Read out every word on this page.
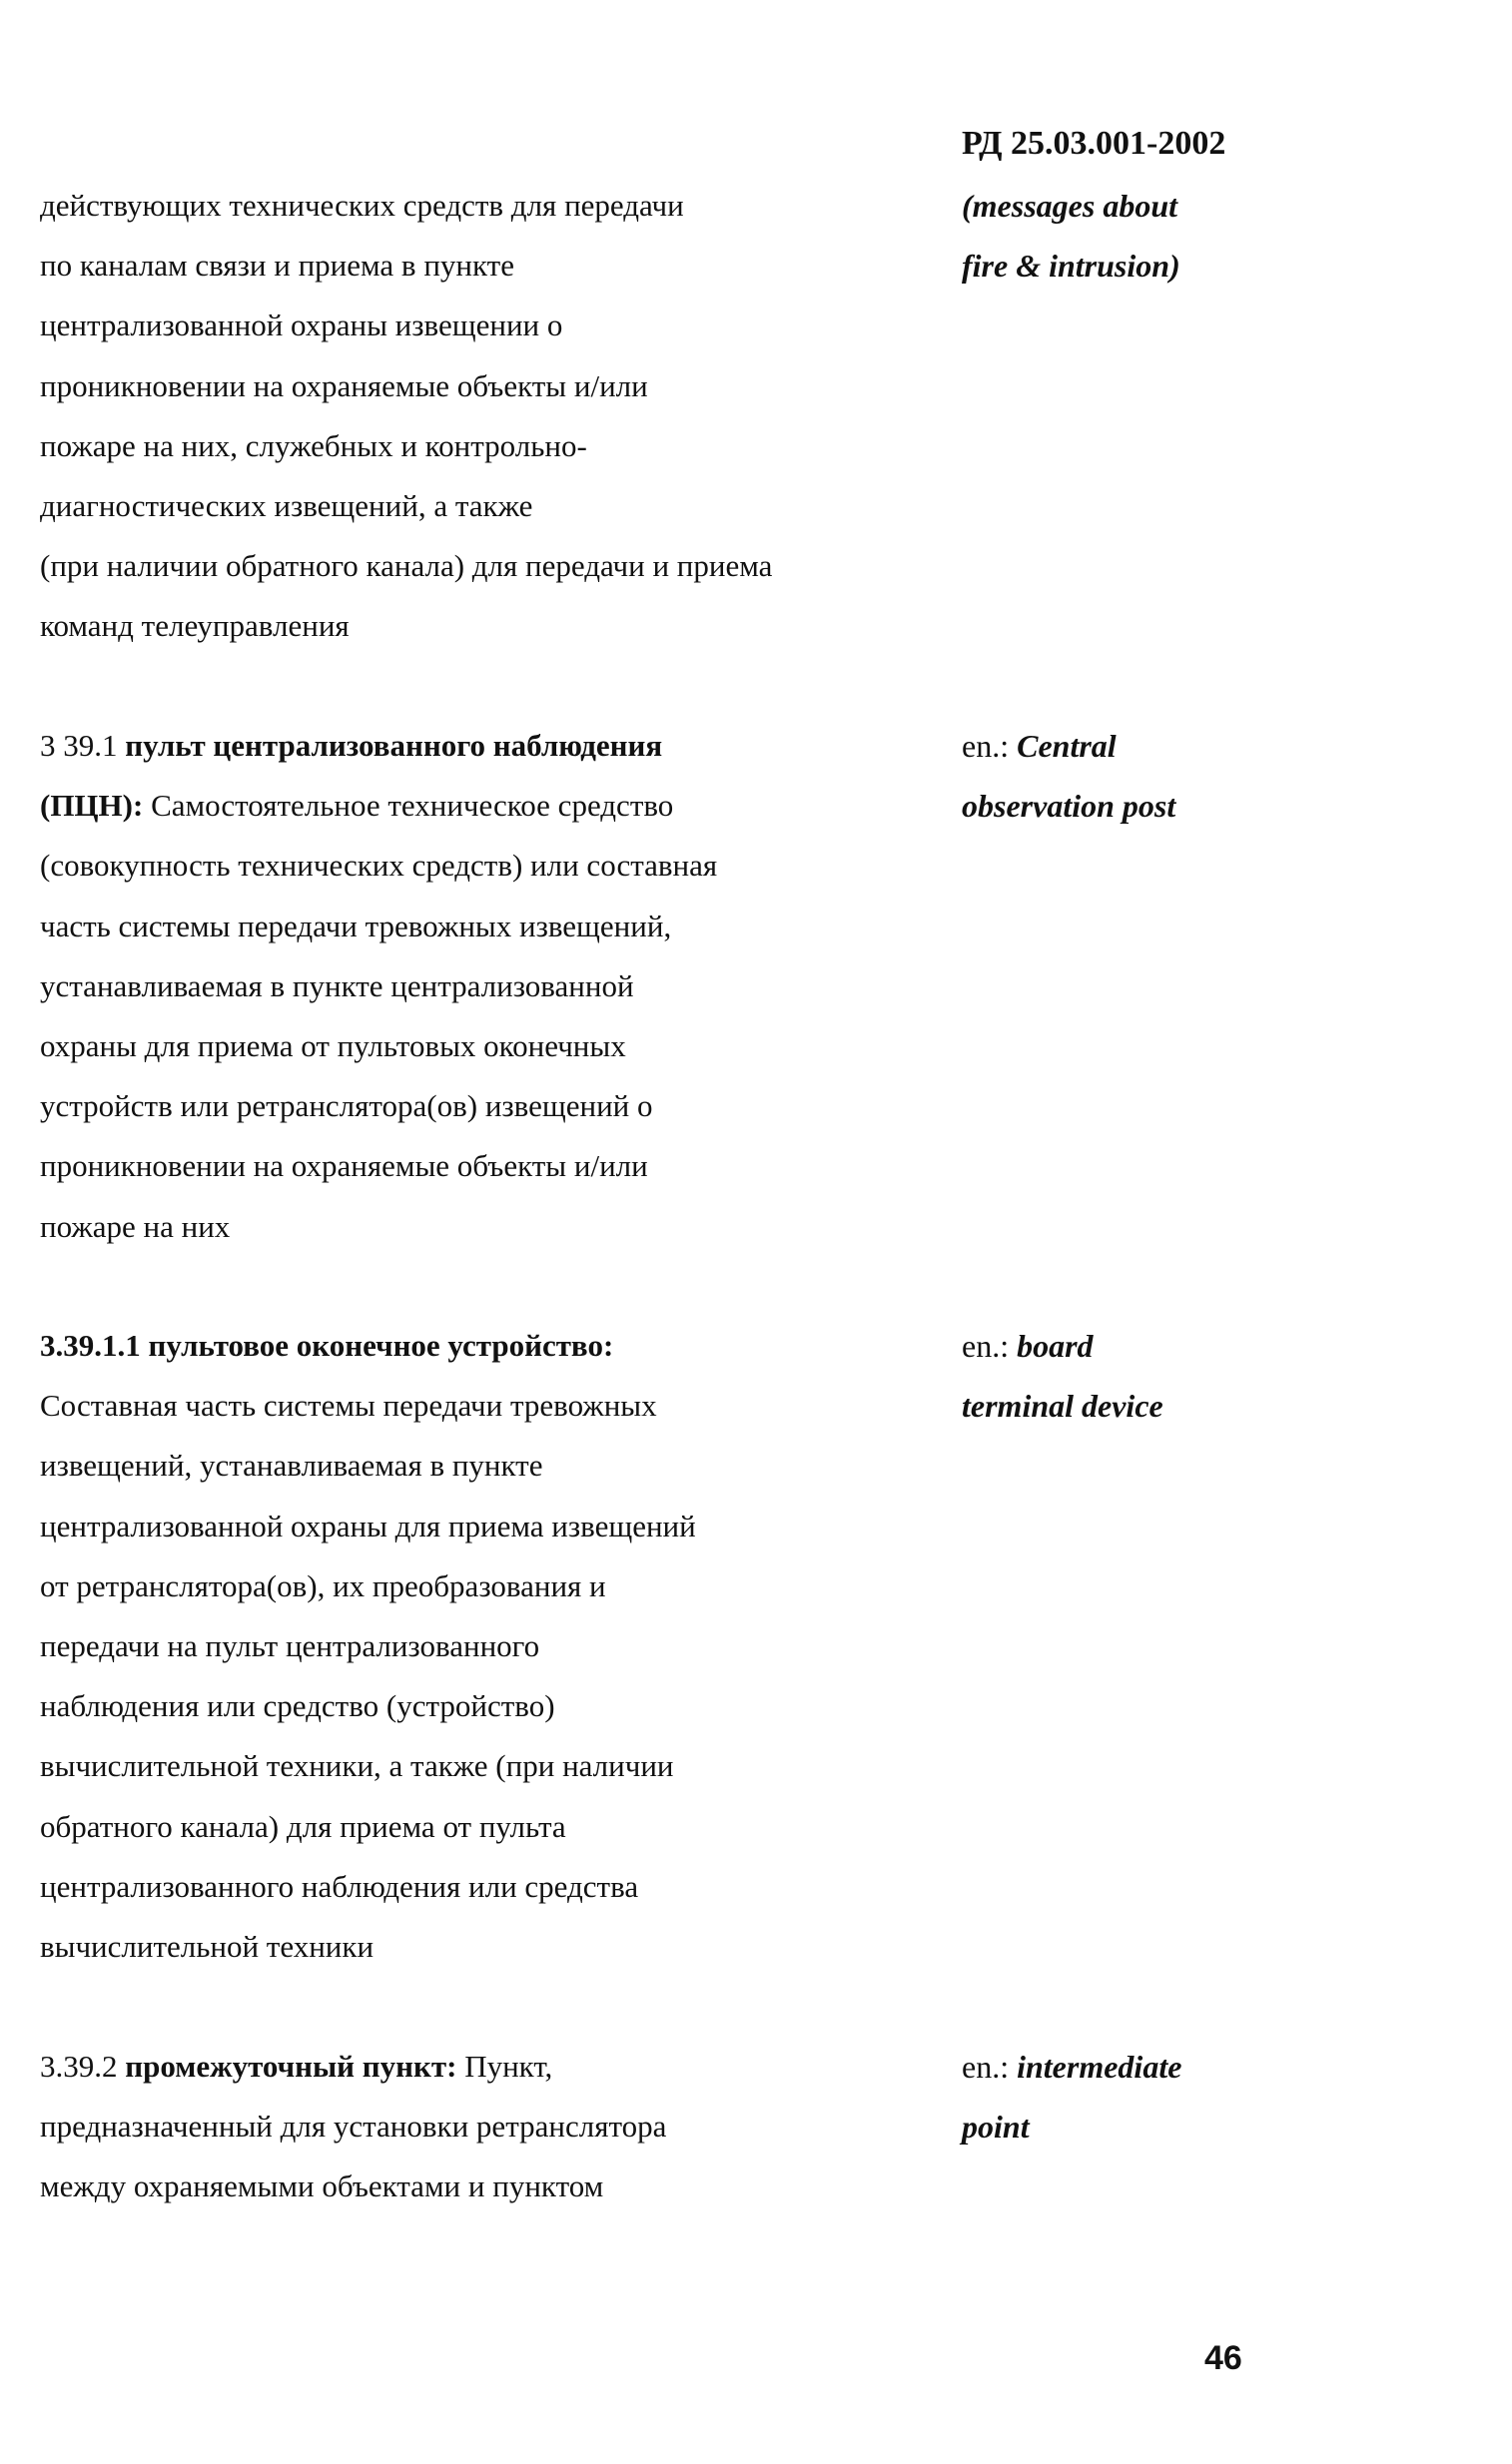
РД 25.03.001-2002
действующих технических средств для передачи
по каналам связи и приема в пункте
централизованной охраны извещении о
проникновении на охраняемые объекты и/или
пожаре на них, служебных и контрольно-
диагностических извещений, а также
(при наличии обратного канала) для передачи и приема
команд телеуправления
(messages about
fire & intrusion)
3 39.1 пульт централизованного наблюдения
(ПЦН): Самостоятельное техническое средство
(совокупность технических средств) или составная
часть системы передачи тревожных извещений,
устанавливаемая в пункте централизованной
охраны для приема от пультовых оконечных
устройств или ретранслятора(ов) извещений о
проникновении на охраняемые объекты и/или
пожаре на них
en.: Central
observation post
3.39.1.1 пультовое оконечное устройство:
Составная часть системы передачи тревожных
извещений, устанавливаемая в пункте
централизованной охраны для приема извещений
от ретранслятора(ов), их преобразования и
передачи на пульт централизованного
наблюдения или средство (устройство)
вычислительной техники, а также (при наличии
обратного канала) для приема от пульта
централизованного наблюдения или средства
вычислительной техники
en.: board
terminal device
3.39.2 промежуточный пункт: Пункт,
предназначенный для установки ретранслятора
между охраняемыми объектами и пунктом
en.: intermediate
point
46
